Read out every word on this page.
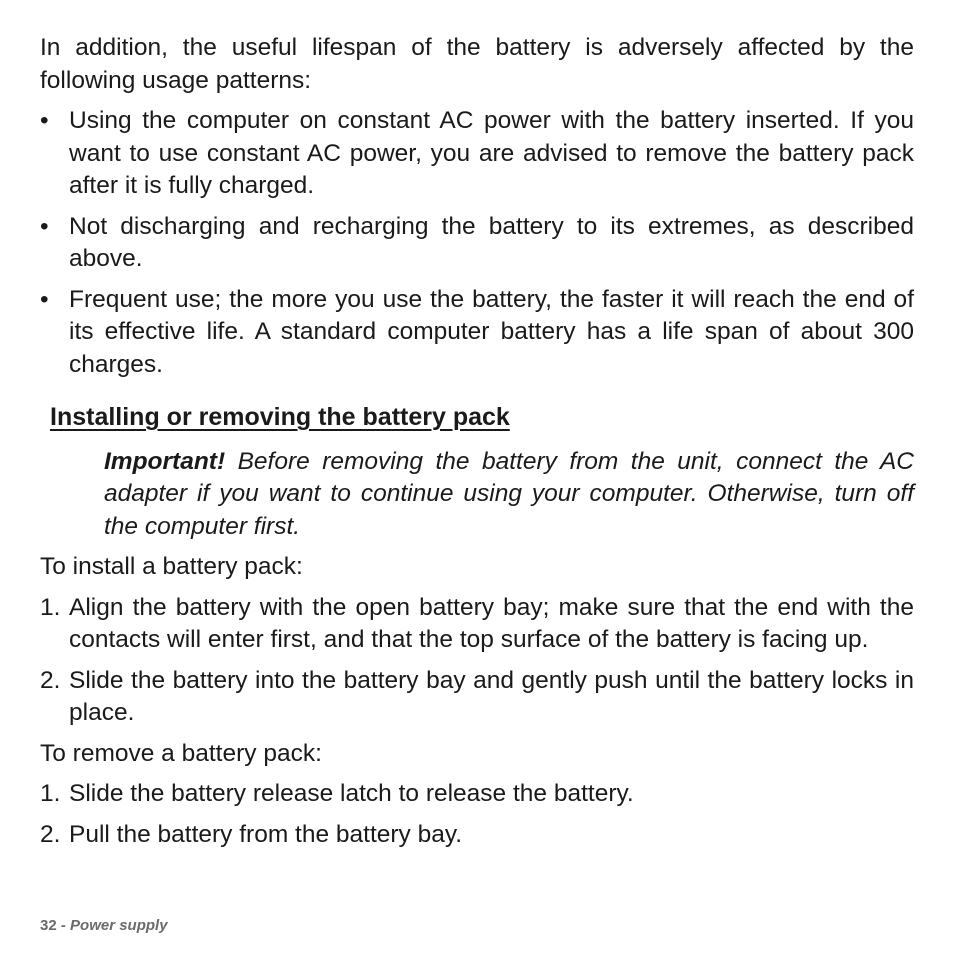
In addition, the useful lifespan of the battery is adversely affected by the following usage patterns:

• Using the computer on constant AC power with the battery inserted. If you want to use constant AC power, you are advised to remove the battery pack after it is fully charged.
• Not discharging and recharging the battery to its extremes, as described above.
• Frequent use; the more you use the battery, the faster it will reach the end of its effective life. A standard computer battery has a life span of about 300 charges.
Installing or removing the battery pack

Important! Before removing the battery from the unit, connect the AC adapter if you want to continue using your computer. Otherwise, turn off the computer first.

To install a battery pack:

1. Align the battery with the open battery bay; make sure that the end with the contacts will enter first, and that the top surface of the battery is facing up.
2. Slide the battery into the battery bay and gently push until the battery locks in place.

To remove a battery pack:

1. Slide the battery release latch to release the battery.
2. Pull the battery from the battery bay.
32 - Power supply
